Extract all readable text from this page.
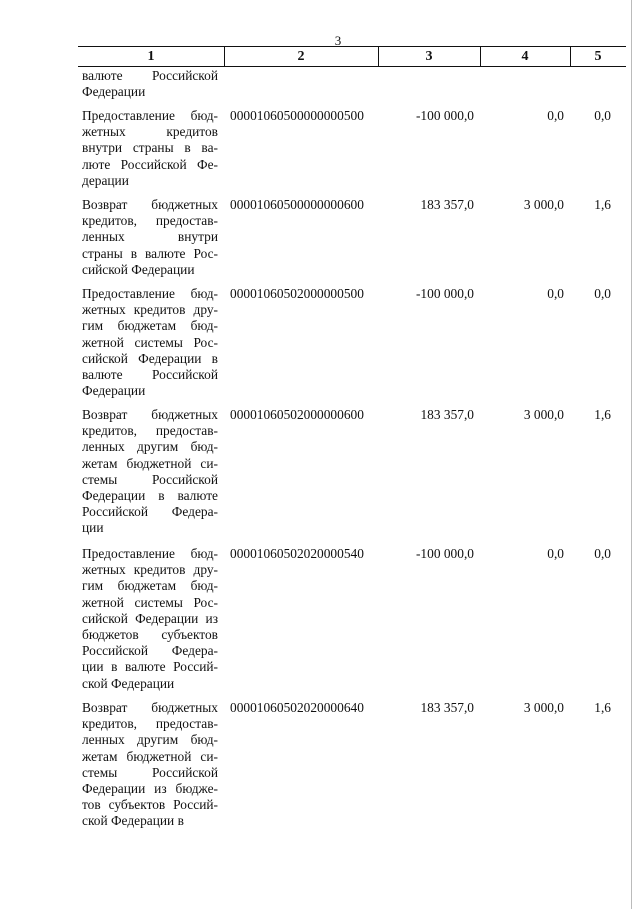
3
1	2	3	4	5
валюте Российской
Федерации
Предоставление бюд-
жетных кредитов
внутри страны в ва-
люте Российской Фе-
дерации
00001060500000000500	-100 000,0	0,0	0,0
Возврат бюджетных
кредитов, предостав-
ленных внутри
страны в валюте Рос-
сийской Федерации
00001060500000000600	183 357,0	3 000,0	1,6
Предоставление бюд-
жетных кредитов дру-
гим бюджетам бюд-
жетной системы Рос-
сийской Федерации в
валюте Российской
Федерации
00001060502000000500	-100 000,0	0,0	0,0
Возврат бюджетных
кредитов, предостав-
ленных другим бюд-
жетам бюджетной си-
стемы Российской
Федерации в валюте
Российской Федера-
ции
00001060502000000600	183 357,0	3 000,0	1,6
Предоставление бюд-
жетных кредитов дру-
гим бюджетам бюд-
жетной системы Рос-
сийской Федерации из
бюджетов субъектов
Российской Федера-
ции в валюте Россий-
ской Федерации
00001060502020000540	-100 000,0	0,0	0,0
Возврат бюджетных
кредитов, предостав-
ленных другим бюд-
жетам бюджетной си-
стемы Российской
Федерации из бюдже-
тов субъектов Россий-
ской Федерации в
00001060502020000640	183 357,0	3 000,0	1,6
